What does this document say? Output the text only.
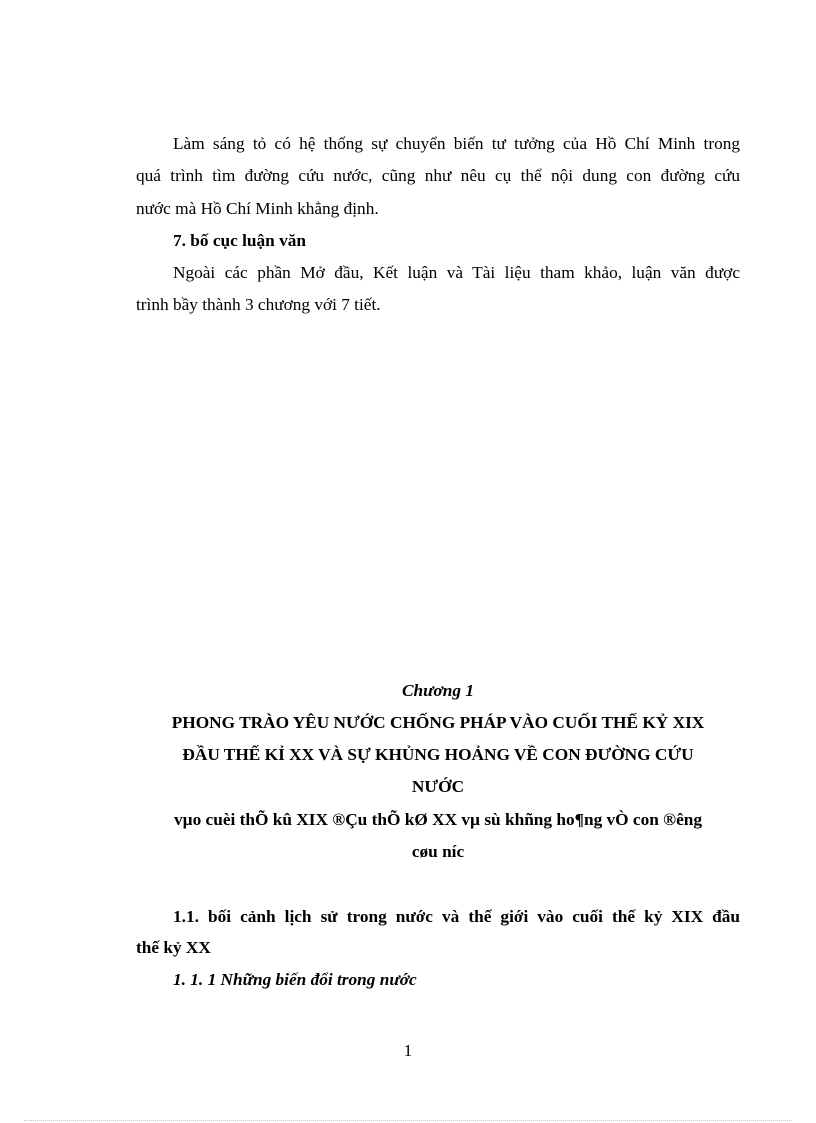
Làm sáng tỏ có hệ thống sự chuyển biến tư tưởng của Hồ Chí Minh trong
quá trình tìm đường cứu nước, cũng như nêu cụ thể nội dung con đường cứu
nước mà Hồ Chí Minh khẳng định.
7. bố cục luận văn
Ngoài các phần Mở đầu, Kết luận và Tài liệu tham khảo, luận văn được
trình bầy thành 3 chương với 7 tiết.
Chương 1
PHONG TRÀO YÊU NƯỚC CHỐNG PHÁP VÀO CUỐI THẾ KỶ XIX
ĐẦU THẾ KỈ XX VÀ SỰ KHỦNG HOẢNG VỀ CON ĐƯỜNG CỨU
NƯỚC
vµo cuèi thÕ kû XIX ®Çu thÕ kØ XX vµ sù khñng ho¶ng vÒ con ®êng
cøu níc
1.1. bối cảnh lịch sử trong nước và thế giới vào cuối thế kỷ XIX đầu
thế kỷ XX
1. 1. 1 Những biến đổi trong nước
1
